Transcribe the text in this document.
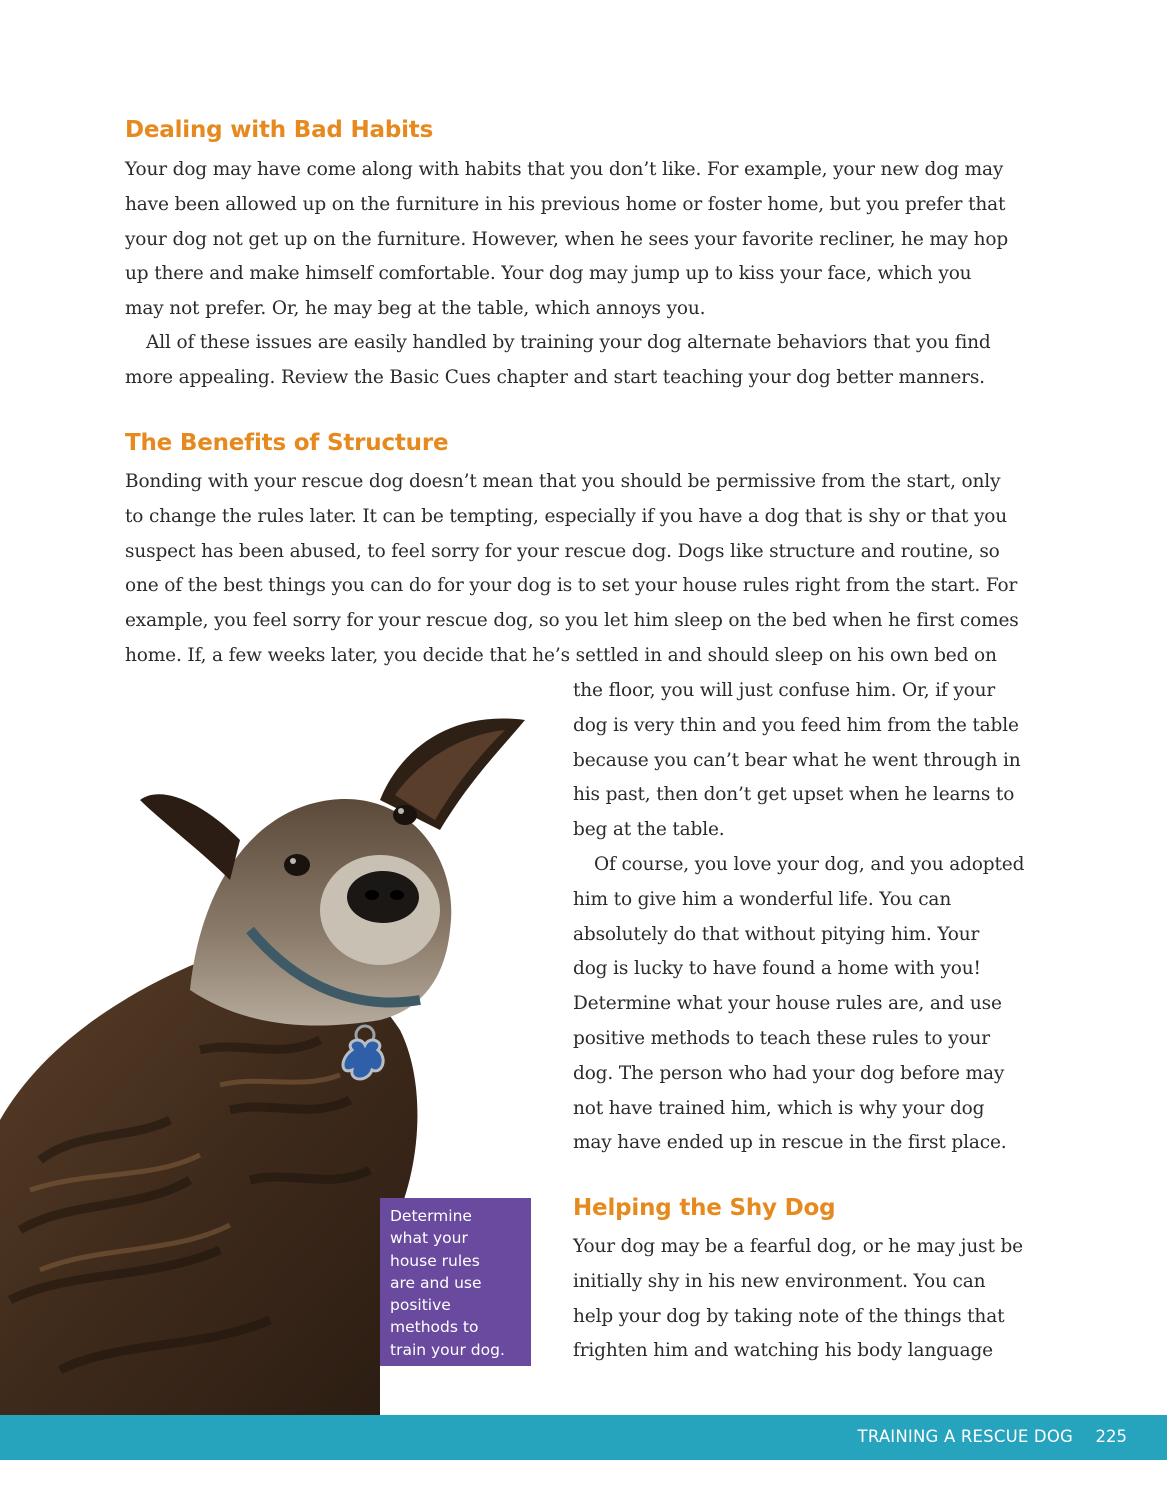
Dealing with Bad Habits

Your dog may have come along with habits that you don’t like. For example, your new dog may
have been allowed up on the furniture in his previous home or foster home, but you prefer that
your dog not get up on the furniture. However, when he sees your favorite recliner, he may hop
up there and make himself comfortable. Your dog may jump up to kiss your face, which you
may not prefer. Or, he may beg at the table, which annoys you.

All of these issues are easily handled by training your dog alternate behaviors that you find
more appealing. Review the Basic Cues chapter and start teaching your dog better manners.

The Benefits of Structure

Bonding with your rescue dog doesn’t mean that you should be permissive from the start, only
to change the rules later. It can be tempting, especially if you have a dog that is shy or that you
suspect has been abused, to feel sorry for your rescue dog. Dogs like structure and routine, so
one of the best things you can do for your dog is to set your house rules right from the start. For
example, you feel sorry for your rescue dog, so you let him sleep on the bed when he first comes
home. If, a few weeks later, you decide that he’s settled in and should sleep on his own bed on

the floor, you will just confuse him. Or, if your
dog is very thin and you feed him from the table
because you can’t bear what he went through in
his past, then don’t get upset when he learns to
beg at the table.

Of course, you love your dog, and you adopted
him to give him a wonderful life. You can
absolutely do that without pitying him. Your
dog is lucky to have found a home with you!
Determine what your house rules are, and use
positive methods to teach these rules to your
dog. The person who had your dog before may
not have trained him, which is why your dog
may have ended up in rescue in the first place.

Helping the Shy Dog

Your dog may be a fearful dog, or he may just be
initially shy in his new environment. You can
help your dog by taking note of the things that
frighten him and watching his body language

Determine
what your
house rules
are and use
positive
methods to
train your dog.
TRAINING A RESCUE DOG 225
